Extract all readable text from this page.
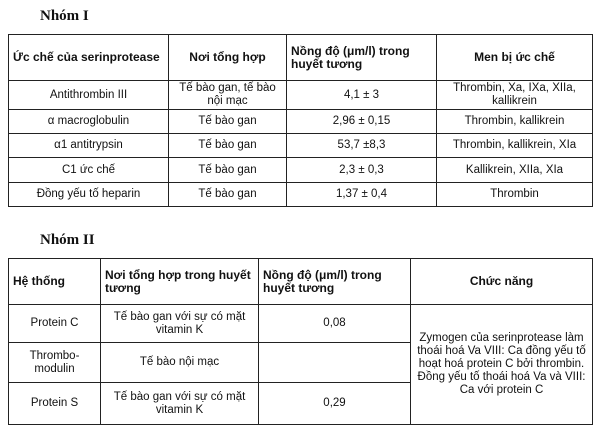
Nhóm I
Ức chế của serinprotease	Nơi tổng hợp	Nồng độ (μm/l) trong huyết tương	Men bị ức chế
Antithrombin III	Tế bào gan, tế bào nội mạc	4,1 ± 3	Thrombin, Xa, IXa, XIIa, kallikrein
α macroglobulin	Tế bào gan	2,96 ± 0,15	Thrombin, kallikrein
α1 antitrypsin	Tế bào gan	53,7 ±8,3	Thrombin, kallikrein, XIa
C1 ức chế	Tế bào gan	2,3 ± 0,3	Kallikrein, XIIa, XIa
Đồng yếu tố heparin	Tế bào gan	1,37 ± 0,4	Thrombin
Nhóm II
Hệ thống	Nơi tổng hợp trong huyết tương	Nồng độ (μm/l) trong huyết tương	Chức năng
Protein C	Tế bào gan với sự có mặt vitamin K	0,08	Zymogen của serinprotease làm thoái hoá Va VIII: Ca đồng yếu tố hoạt hoá protein C bởi thrombin. Đồng yếu tố thoái hoá Va và VIII: Ca với protein C
Thrombo-modulin	Tế bào nội mạc		
Protein S	Tế bào gan với sự có mặt vitamin K	0,29	
